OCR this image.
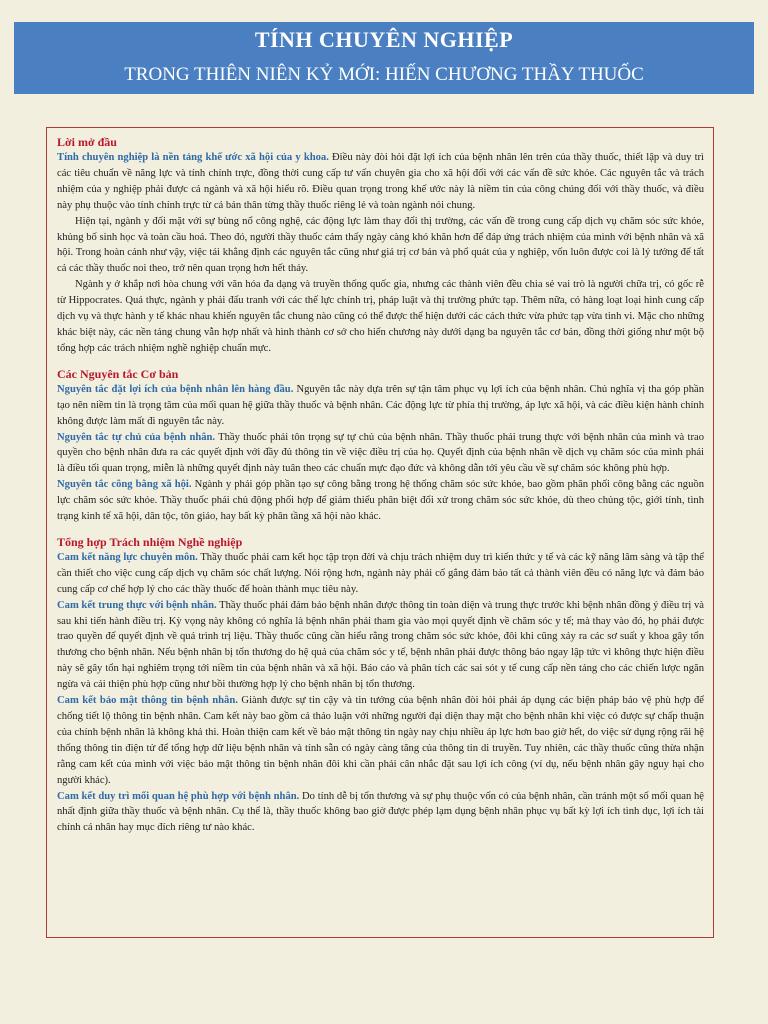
TÍNH CHUYÊN NGHIỆP
TRONG THIÊN NIÊN KỶ MỚI: HIẾN CHƯƠNG THẦY THUỐC
Lời mở đầu

Tính chuyên nghiệp là nền tảng khế ước xã hội của y khoa. Điều này đòi hỏi đặt lợi ích của bệnh nhân lên trên của thầy thuốc, thiết lập và duy trì các tiêu chuẩn về năng lực và tính chính trực, đồng thời cung cấp tư vấn chuyên gia cho xã hội đối với các vấn đề sức khỏe. Các nguyên tắc và trách nhiệm của y nghiệp phải được cả ngành và xã hội hiểu rõ. Điều quan trọng trong khế ước này là niềm tin của công chúng đối với thầy thuốc, và điều này phụ thuộc vào tính chính trực từ cả bản thân từng thầy thuốc riêng lẻ và toàn ngành nói chung.

Hiện tại, ngành y đối mặt với sự bùng nổ công nghệ, các động lực làm thay đổi thị trường, các vấn đề trong cung cấp dịch vụ chăm sóc sức khỏe, khủng bố sinh học và toàn cầu hoá. Theo đó, người thầy thuốc cảm thấy ngày càng khó khăn hơn để đáp ứng trách nhiệm của mình với bệnh nhân và xã hội. Trong hoàn cảnh như vậy, việc tái khẳng định các nguyên tắc cũng như giá trị cơ bản và phổ quát của y nghiệp, vốn luôn được coi là lý tưởng để tất cả các thầy thuốc noi theo, trở nên quan trọng hơn hết thảy.

Ngành y ở khắp nơi hòa chung với văn hóa đa dạng và truyền thống quốc gia, nhưng các thành viên đều chia sẻ vai trò là người chữa trị, có gốc rễ từ Hippocrates. Quả thực, ngành y phải đấu tranh với các thế lực chính trị, pháp luật và thị trường phức tạp. Thêm nữa, có hàng loạt loại hình cung cấp dịch vụ và thực hành y tế khác nhau khiến nguyên tắc chung nào cũng có thể được thể hiện dưới các cách thức vừa phức tạp vừa tinh vi. Mặc cho những khác biệt này, các nền tảng chung vẫn hợp nhất và hình thành cơ sở cho hiến chương này dưới dạng ba nguyên tắc cơ bản, đồng thời giống như một bộ tổng hợp các trách nhiệm nghề nghiệp chuẩn mực.

Các Nguyên tắc Cơ bản

Nguyên tắc đặt lợi ích của bệnh nhân lên hàng đầu. Nguyên tắc này dựa trên sự tận tâm phục vụ lợi ích của bệnh nhân. Chủ nghĩa vị tha góp phần tạo nên niềm tin là trọng tâm của mối quan hệ giữa thầy thuốc và bệnh nhân. Các động lực từ phía thị trường, áp lực xã hội, và các điều kiện hành chính không được làm mất đi nguyên tắc này.

Nguyên tắc tự chủ của bệnh nhân. Thầy thuốc phải tôn trọng sự tự chủ của bệnh nhân. Thầy thuốc phải trung thực với bệnh nhân của mình và trao quyền cho bệnh nhân đưa ra các quyết định với đầy đủ thông tin về việc điều trị của họ. Quyết định của bệnh nhân về dịch vụ chăm sóc của mình phải là điều tối quan trọng, miễn là những quyết định này tuân theo các chuẩn mực đạo đức và không dẫn tới yêu cầu về sự chăm sóc không phù hợp.

Nguyên tắc công bằng xã hội. Ngành y phải góp phần tạo sự công bằng trong hệ thống chăm sóc sức khỏe, bao gồm phân phối công bằng các nguồn lực chăm sóc sức khỏe. Thầy thuốc phải chủ động phối hợp để giảm thiểu phân biệt đối xử trong chăm sóc sức khỏe, dù theo chủng tộc, giới tính, tình trạng kinh tế xã hội, dân tộc, tôn giáo, hay bất kỳ phân tầng xã hội nào khác.

Tổng hợp Trách nhiệm Nghề nghiệp

Cam kết năng lực chuyên môn. Thầy thuốc phải cam kết học tập trọn đời và chịu trách nhiệm duy trì kiến thức y tế và các kỹ năng lâm sàng và tập thể cần thiết cho việc cung cấp dịch vụ chăm sóc chất lượng. Nói rộng hơn, ngành này phải cố gắng đảm bảo tất cả thành viên đều có năng lực và đảm bảo cung cấp cơ chế hợp lý cho các thầy thuốc để hoàn thành mục tiêu này.

Cam kết trung thực với bệnh nhân. Thầy thuốc phải đảm bảo bệnh nhân được thông tin toàn diện và trung thực trước khi bệnh nhân đồng ý điều trị và sau khi tiến hành điều trị. Kỳ vọng này không có nghĩa là bệnh nhân phải tham gia vào mọi quyết định về chăm sóc y tế; mà thay vào đó, họ phải được trao quyền để quyết định về quá trình trị liệu. Thầy thuốc cũng cần hiểu rằng trong chăm sóc sức khỏe, đôi khi cũng xảy ra các sơ suất y khoa gây tổn thương cho bệnh nhân. Nếu bệnh nhân bị tổn thương do hệ quả của chăm sóc y tế, bệnh nhân phải được thông báo ngay lập tức vì không thực hiện điều này sẽ gây tổn hại nghiêm trọng tới niềm tin của bệnh nhân và xã hội. Báo cáo và phân tích các sai sót y tế cung cấp nền tảng cho các chiến lược ngăn ngừa và cải thiện phù hợp cũng như bồi thường hợp lý cho bệnh nhân bị tổn thương.

Cam kết bảo mật thông tin bệnh nhân. Giành được sự tin cậy và tin tưởng của bệnh nhân đòi hỏi phải áp dụng các biện pháp bảo vệ phù hợp để chống tiết lộ thông tin bệnh nhân. Cam kết này bao gồm cả thảo luận với những người đại diện thay mặt cho bệnh nhân khi việc có được sự chấp thuận của chính bệnh nhân là không khả thi. Hoàn thiện cam kết về bảo mật thông tin ngày nay chịu nhiều áp lực hơn bao giờ hết, do việc sử dụng rộng rãi hệ thống thông tin điện tử để tổng hợp dữ liệu bệnh nhân và tính sẵn có ngày càng tăng của thông tin di truyền. Tuy nhiên, các thầy thuốc cũng thừa nhận rằng cam kết của mình với việc bảo mật thông tin bệnh nhân đôi khi cần phải cân nhắc đặt sau lợi ích công (ví dụ, nếu bệnh nhân gây nguy hại cho người khác).

Cam kết duy trì mối quan hệ phù hợp với bệnh nhân. Do tính dễ bị tổn thương và sự phụ thuộc vốn có của bệnh nhân, cần tránh một số mối quan hệ nhất định giữa thầy thuốc và bệnh nhân. Cụ thể là, thầy thuốc không bao giờ được phép lạm dụng bệnh nhân phục vụ bất kỳ lợi ích tình dục, lợi ích tài chính cá nhân hay mục đích riêng tư nào khác.
